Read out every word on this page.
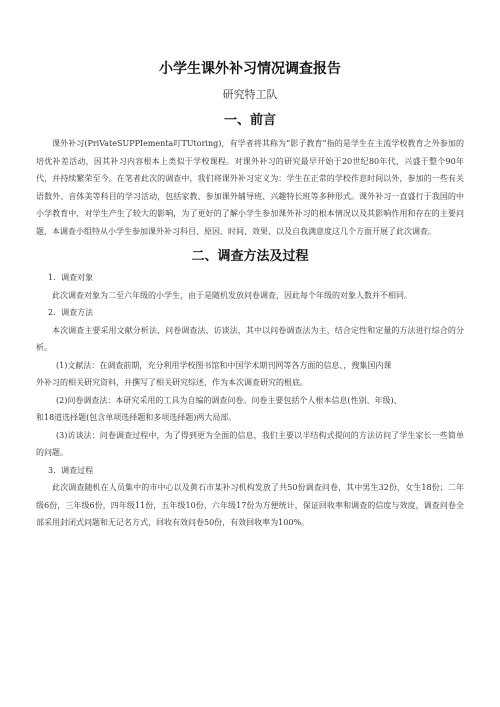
小学生课外补习情况调查报告
研究特工队
一、前言

课外补习(PriVateSUPPIementa叮TUtoring)，有学者将其称为“影子教育”指的是学生在主流学校教育之外参加的培优补差活动，因其补习内容根本上类似于学校课程。对课外补习的研究最早开始于20世纪80年代，兴盛于整个90年代，并持续繁荣至今。在笔者此次的调查中，我们将课外补习定义为：学生在正常的学校作息时间以外，参加的一些有关语数外、音体美等科目的学习活动，包括家教、参加课外辅导班、兴趣特长班等多种形式。课外补习一直盛行于我国的中小学教育中，对学生产生了较大的影响，为了更好的了解小学生参加课外补习的根本情况以及其影响作用和存在的主要问题，本调查小组特从小学生参加课外补习科目、原因、时间、效果、以及自我满意度这几个方面开展了此次调查。

二、调查方法及过程

1．调查对象

此次调查对象为二至六年级的小学生，由于是随机发放问卷调查，因此每个年级的对象人数并不相同。

2．调查方法

本次调查主要采用文献分析法、问卷调查法、访谈法，其中以问卷调查法为主，结合定性和定量的方法进行综合的分析。

(1)文献法：在调查前期，充分利用学校图书馆和中国学术期刊网等各方面的信息、，搜集国内课

外补习的相关研究资料，并撰写了相关研究综述，作为本次调查研究的根底。

(2)问卷调查法：本研究采用的工具为自编的调查问卷。问卷主要包括个人根本信息(性别、年级)、

和18道选择题(包含单项选择题和多项选择题)两大局部。

(3)访谈法：问卷调查过程中，为了得到更为全面的信息，我们主要以半结构式提问的方法访问了学生家长一些简单的问题。

3．调查过程

此次调查随机在人员集中的市中心以及黄石市某补习机构发放了共50份调查问卷，其中男生32份，女生18份；二年级6份，三年级6份，四年级11份，五年级10份，六年级17份为方便统计，保证回收率和调查的信度与效度，调查问卷全部采用封闭式问题和无记名方式，回收有效问卷50份，有效回收率为100%。
